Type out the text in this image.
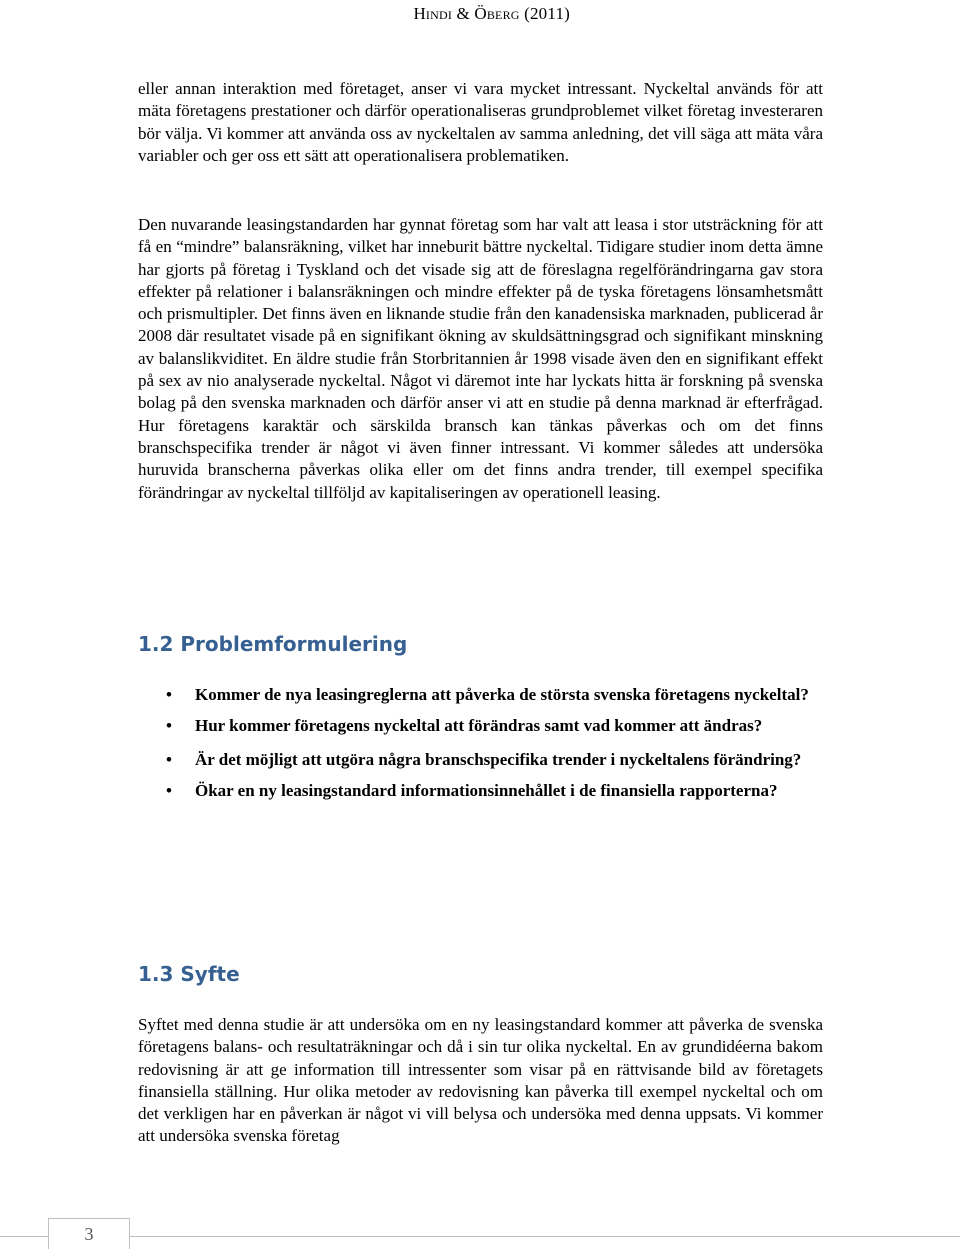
Hindi & Öberg (2011)
eller annan interaktion med företaget, anser vi vara mycket intressant. Nyckeltal används för att mäta företagens prestationer och därför operationaliseras grundproblemet vilket företag investeraren bör välja. Vi kommer att använda oss av nyckeltalen av samma anledning, det vill säga att mäta våra variabler och ger oss ett sätt att operationalisera problematiken.
Den nuvarande leasingstandarden har gynnat företag som har valt att leasa i stor utsträckning för att få en “mindre” balansräkning, vilket har inneburit bättre nyckeltal. Tidigare studier inom detta ämne har gjorts på företag i Tyskland och det visade sig att de föreslagna regelförändringarna gav stora effekter på relationer i balansräkningen och mindre effekter på de tyska företagens lönsamhetsmått och prismultipler. Det finns även en liknande studie från den kanadensiska marknaden, publicerad år 2008 där resultatet visade på en signifikant ökning av skuldsättningsgrad och signifikant minskning av balanslikviditet. En äldre studie från Storbritannien år 1998 visade även den en signifikant effekt på sex av nio analyserade nyckeltal. Något vi däremot inte har lyckats hitta är forskning på svenska bolag på den svenska marknaden och därför anser vi att en studie på denna marknad är efterfrågad. Hur företagens karaktär och särskilda bransch kan tänkas påverkas och om det finns branschspecifika trender är något vi även finner intressant. Vi kommer således att undersöka huruvida branscherna påverkas olika eller om det finns andra trender, till exempel specifika förändringar av nyckeltal tillföljd av kapitaliseringen av operationell leasing.
1.2 Problemformulering
• Kommer de nya leasingreglerna att påverka de största svenska företagens nyckeltal?
• Hur kommer företagens nyckeltal att förändras samt vad kommer att ändras?
• Är det möjligt att utgöra några branschspecifika trender i nyckeltalens förändring?
• Ökar en ny leasingstandard informationsinnehållet i de finansiella rapporterna?
1.3 Syfte
Syftet med denna studie är att undersöka om en ny leasingstandard kommer att påverka de svenska företagens balans- och resultaträkningar och då i sin tur olika nyckeltal. En av grundidéerna bakom redovisning är att ge information till intressenter som visar på en rättvisande bild av företagets finansiella ställning. Hur olika metoder av redovisning kan påverka till exempel nyckeltal och om det verkligen har en påverkan är något vi vill belysa och undersöka med denna uppsats. Vi kommer att undersöka svenska företag
3
